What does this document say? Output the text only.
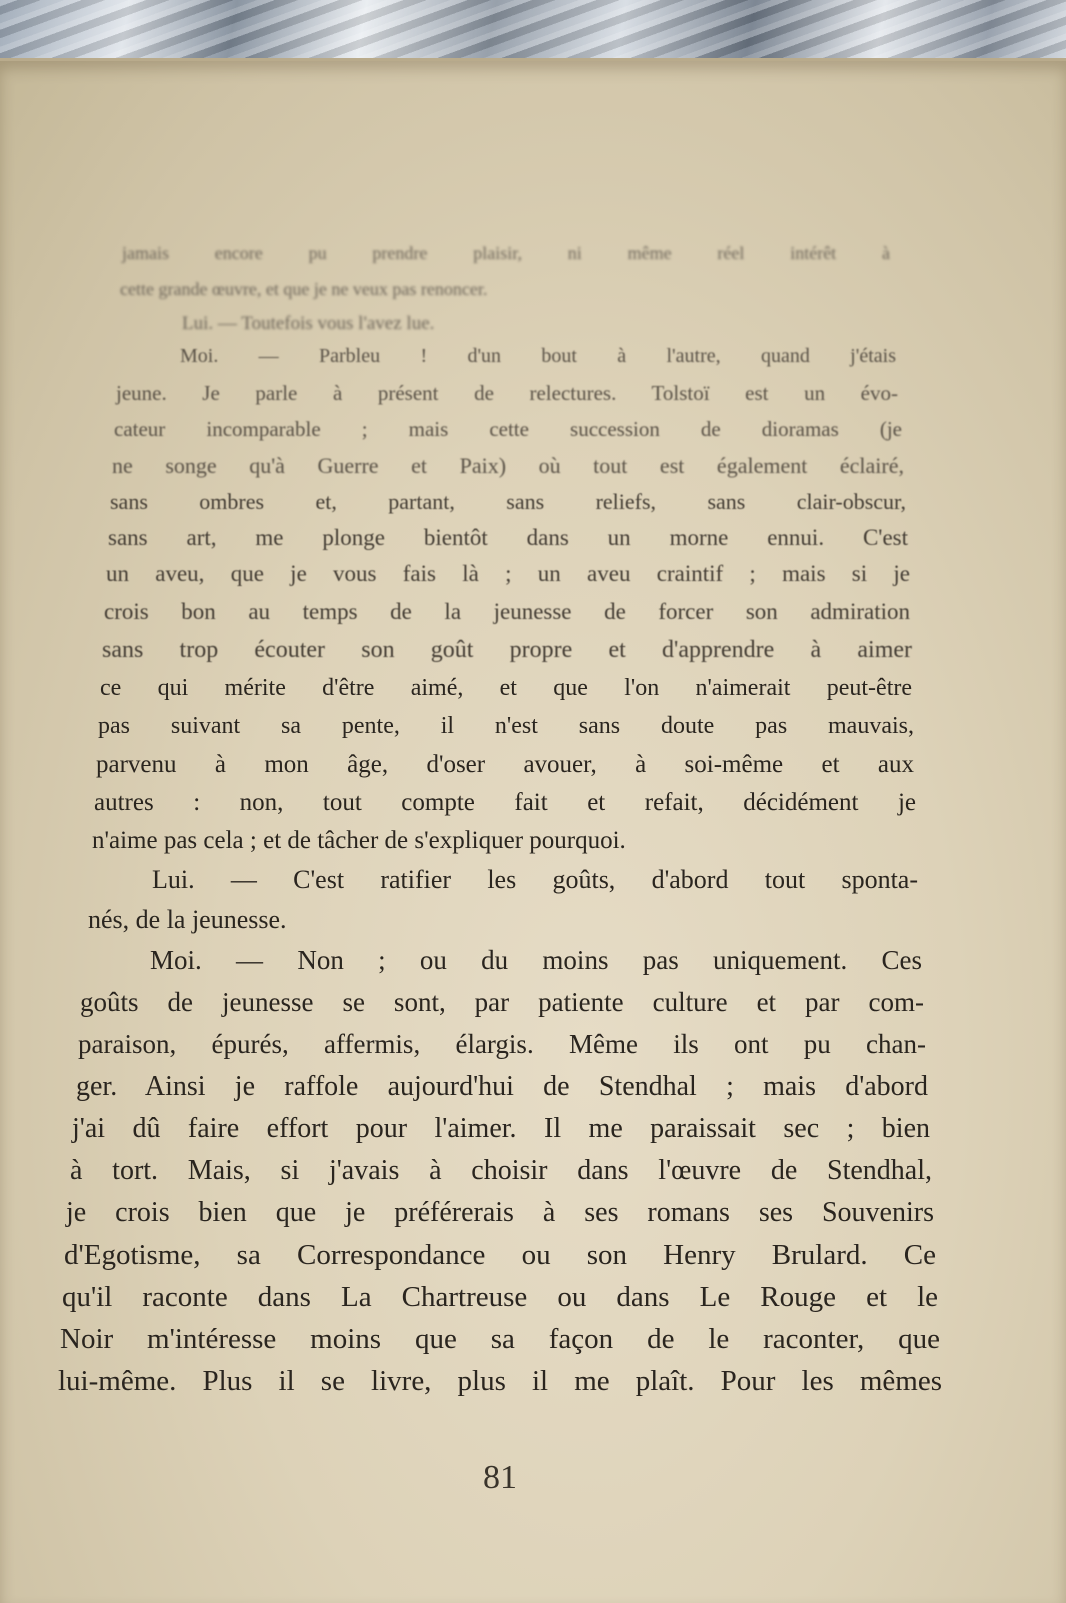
jamais encore pu prendre plaisir, ni même réel intérêt à
cette grande œuvre, et que je ne veux pas renoncer.
Lui. — Toutefois vous l'avez lue.
Moi. — Parbleu ! d'un bout à l'autre, quand j'étais
jeune. Je parle à présent de relectures. Tolstoï est un évo-
cateur incomparable ; mais cette succession de dioramas (je
ne songe qu'à Guerre et Paix) où tout est également éclairé,
sans ombres et, partant, sans reliefs, sans clair-obscur,
sans art, me plonge bientôt dans un morne ennui. C'est
un aveu, que je vous fais là ; un aveu craintif ; mais si je
crois bon au temps de la jeunesse de forcer son admiration
sans trop écouter son goût propre et d'apprendre à aimer
ce qui mérite d'être aimé, et que l'on n'aimerait peut-être
pas suivant sa pente, il n'est sans doute pas mauvais,
parvenu à mon âge, d'oser avouer, à soi-même et aux
autres : non, tout compte fait et refait, décidément je
n'aime pas cela ; et de tâcher de s'expliquer pourquoi.
Lui. — C'est ratifier les goûts, d'abord tout sponta-
nés, de la jeunesse.
Moi. — Non ; ou du moins pas uniquement. Ces
goûts de jeunesse se sont, par patiente culture et par com-
paraison, épurés, affermis, élargis. Même ils ont pu chan-
ger. Ainsi je raffole aujourd'hui de Stendhal ; mais d'abord
j'ai dû faire effort pour l'aimer. Il me paraissait sec ; bien
à tort. Mais, si j'avais à choisir dans l'œuvre de Stendhal,
je crois bien que je préférerais à ses romans ses Souvenirs
d'Egotisme, sa Correspondance ou son Henry Brulard. Ce
qu'il raconte dans La Chartreuse ou dans Le Rouge et le
Noir m'intéresse moins que sa façon de le raconter, que
lui-même. Plus il se livre, plus il me plaît. Pour les mêmes
81
